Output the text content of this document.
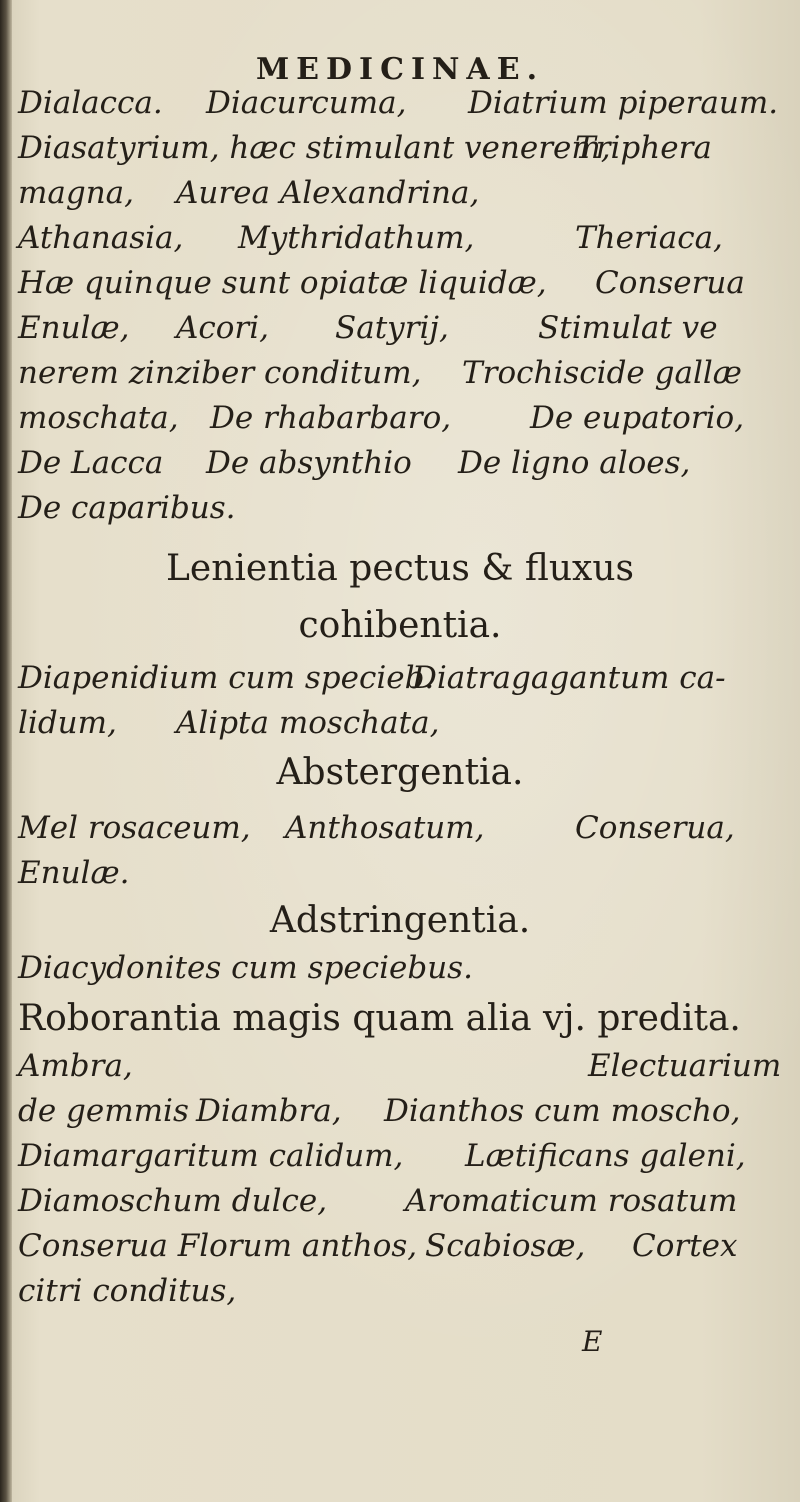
MEDICINAE.
Dialacca. Diacurcuma, Diatrium piperaum.
Diasatyrium, hæc stimulant venerem,
Triphera
magna, Aurea Alexandrina,
Athanasia, Mythridathum,	Theriaca,
Hæ quinque sunt opiatæ liquidæ, Conserua
Enulæ, Acori, Satyrij,	Stimulat ve
nerem zinziber conditum, Trochiscide gallæ
moschata, De rhabarbaro,	De eupatorio,
De Lacca De absynthio De ligno aloes,
De caparibus.
Lenientia pectus & fluxus
cohibentia.
Diapenidium cum specieb.
Diatragagantum ca-
lidum, Alipta moschata,
Abstergentia.
Mel rosaceum, Anthosatum,	Conserua,
Enulæ.
Adstringentia.
Diacydonites cum speciebus.
Roborantia magis quam alia vj. predita.
Ambra,	Electuarium
de gemmis Diambra, Dianthos cum moscho,
Diamargaritum calidum, Lætificans galeni,
Diamoschum dulce,	Aromaticum rosatum
Conserua Florum anthos, Scabiosæ, Cortex
citri conditus,
E
